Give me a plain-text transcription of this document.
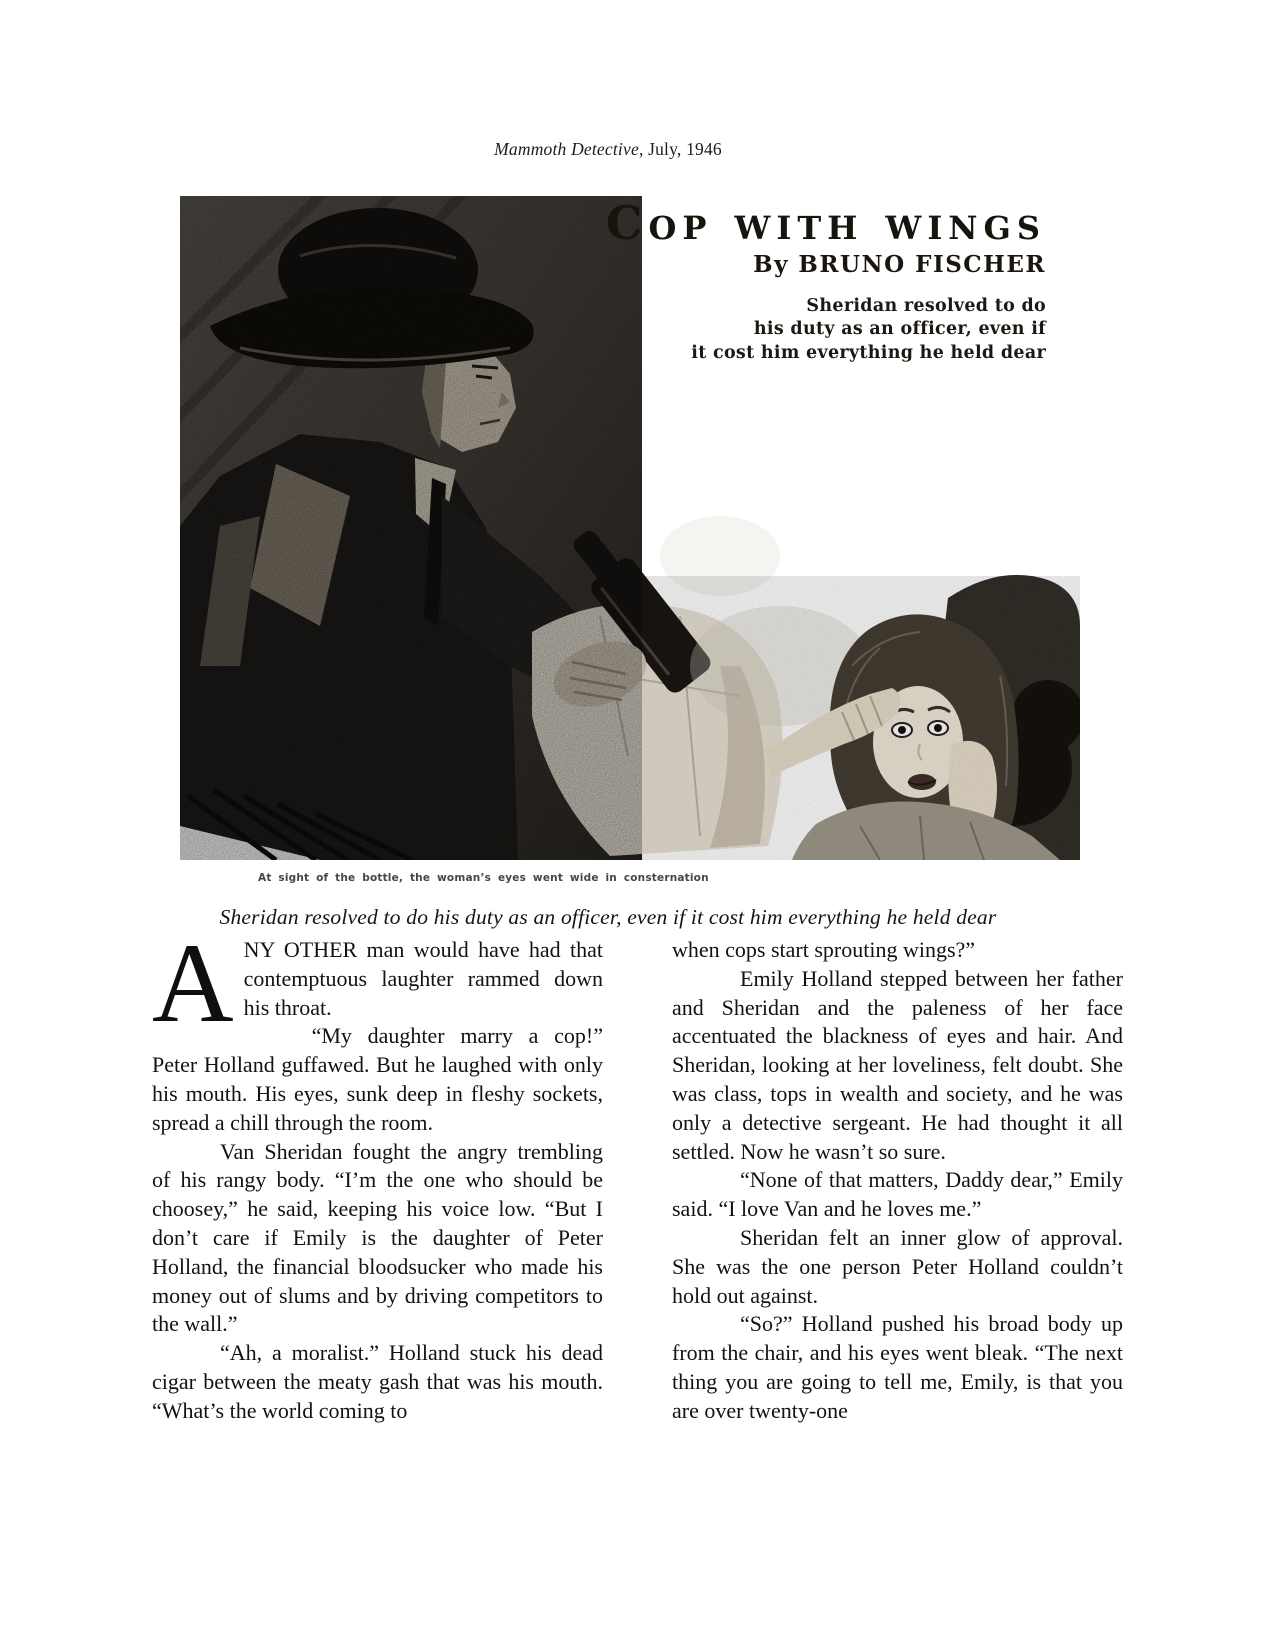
Mammoth Detective, July, 1946
Cop with wings
By BRUNO FISCHER
Sheridan resolved to do
his duty as an officer, even if
it cost him everything he held dear
At sight of the bottle, the woman’s eyes went wide in consternation
Sheridan resolved to do his duty as an officer, even if it cost him everything he held dear

ANY OTHER man would have had that contemptuous laughter rammed down his throat.

“My daughter marry a cop!” Peter Holland guffawed. But he laughed with only his mouth. His eyes, sunk deep in fleshy sockets, spread a chill through the room.

Van Sheridan fought the angry trembling of his rangy body. “I’m the one who should be choosey,” he said, keeping his voice low. “But I don’t care if Emily is the daughter of Peter Holland, the financial bloodsucker who made his money out of slums and by driving competitors to the wall.”

“Ah, a moralist.” Holland stuck his dead cigar between the meaty gash that was his mouth. “What’s the world coming to

when cops start sprouting wings?”

Emily Holland stepped between her father and Sheridan and the paleness of her face accentuated the blackness of eyes and hair. And Sheridan, looking at her loveliness, felt doubt. She was class, tops in wealth and society, and he was only a detective sergeant. He had thought it all settled. Now he wasn’t so sure.

“None of that matters, Daddy dear,” Emily said. “I love Van and he loves me.”

Sheridan felt an inner glow of approval. She was the one person Peter Holland couldn’t hold out against.

“So?” Holland pushed his broad body up from the chair, and his eyes went bleak. “The next thing you are going to tell me, Emily, is that you are over twenty-one
